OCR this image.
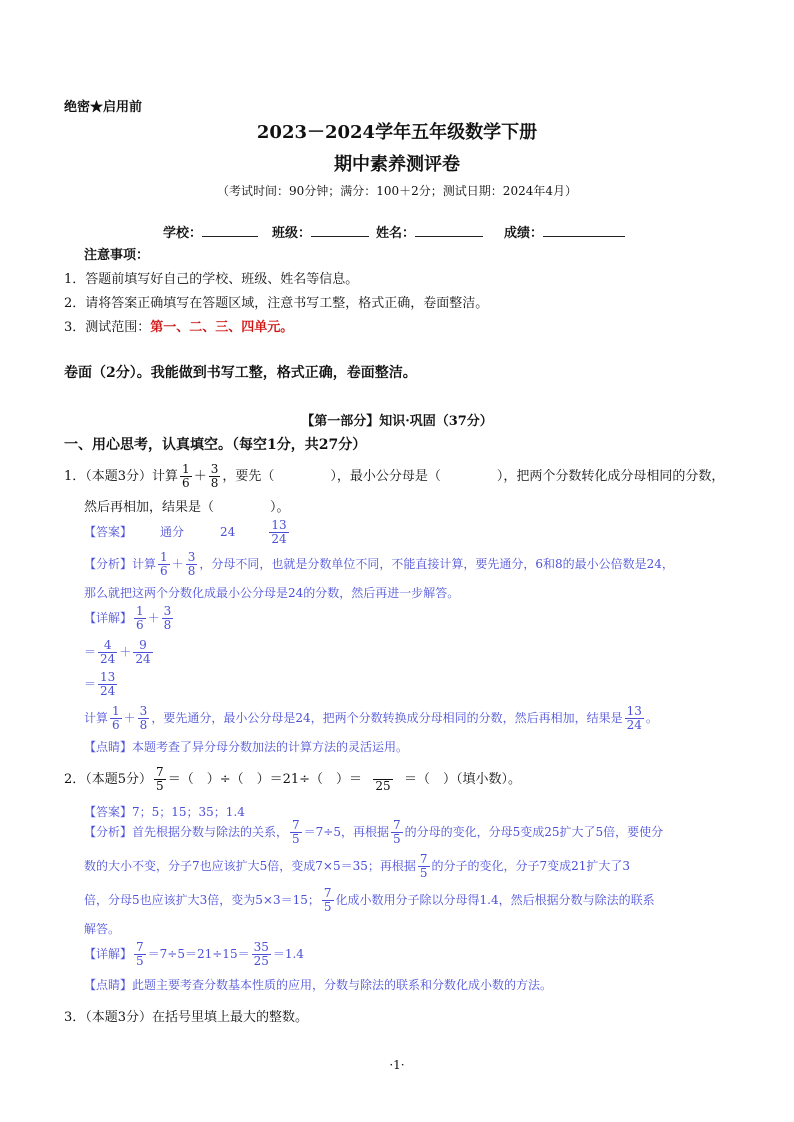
绝密★启用前
2023－2024学年五年级数学下册
期中素养测评卷
（考试时间：90分钟；满分：100＋2分；测试日期：2024年4月）
学校：	班级：	姓名：	成绩：
注意事项：
1．答题前填写好自己的学校、班级、姓名等信息。
2．请将答案正确填写在答题区域，注意书写工整，格式正确，卷面整洁。
3．测试范围：第一、二、三、四单元。
卷面（2分）。我能做到书写工整，格式正确，卷面整洁。
【第一部分】知识·巩固（37分）
一、用心思考，认真填空。（每空1分，共27分）
1．（本题3分）计算 $\frac{1}{6} + \frac{3}{8}$ ，要先（	），最小公分母是（	），把两个分数转化成分母相同的分数，
然后再相加，结果是（	）。
【答案】 通分	24	$\frac{13}{24}$
【分析】计算 $\frac{1}{6} + \frac{3}{8}$ ，分母不同，也就是分数单位不同，不能直接计算，要先通分，6和8的最小公倍数是24，
那么就把这两个分数化成最小公分母是24的分数，然后再进一步解答。
【详解】 $\frac{1}{6} + \frac{3}{8}$
＝ $\frac{4}{24} + \frac{9}{24}$
＝ $\frac{13}{24}$
计算 $\frac{1}{6} + \frac{3}{8}$ ，要先通分，最小公分母是24，把两个分数转换成分母相同的分数，然后再相加，结果是 $\frac{13}{24}$ 。
【点睛】本题考查了异分母分数加法的计算方法的灵活运用。
2．（本题5分） $\frac{7}{5}$ ＝（　）÷（　）＝21÷（　）＝
25 ＝（　）（填小数）。
【答案】7；5；15；35；1.4
【分析】首先根据分数与除法的关系， $\frac{7}{5} =7\div 5$，再根据 $\frac{7}{5}$ 的分母的变化，分母5变成25扩大了5倍，要使分
数的大小不变，分子7也应该扩大5倍，变成7×5＝35；再根据 $\frac{7}{5}$ 的分子的变化，分子7变成21扩大了3
倍，分母5也应该扩大3倍，变为5×3＝15； $\frac{7}{5}$ 化成小数用分子除以分母得1.4，然后根据分数与除法的联系
解答。
【详解】 $\frac{7}{5} =7\div 5=21\div 15= \frac{35}{25} =1.4$
【点睛】此题主要考查分数基本性质的应用，分数与除法的联系和分数化成小数的方法。
3．（本题3分）在括号里填上最大的整数。
·1·
